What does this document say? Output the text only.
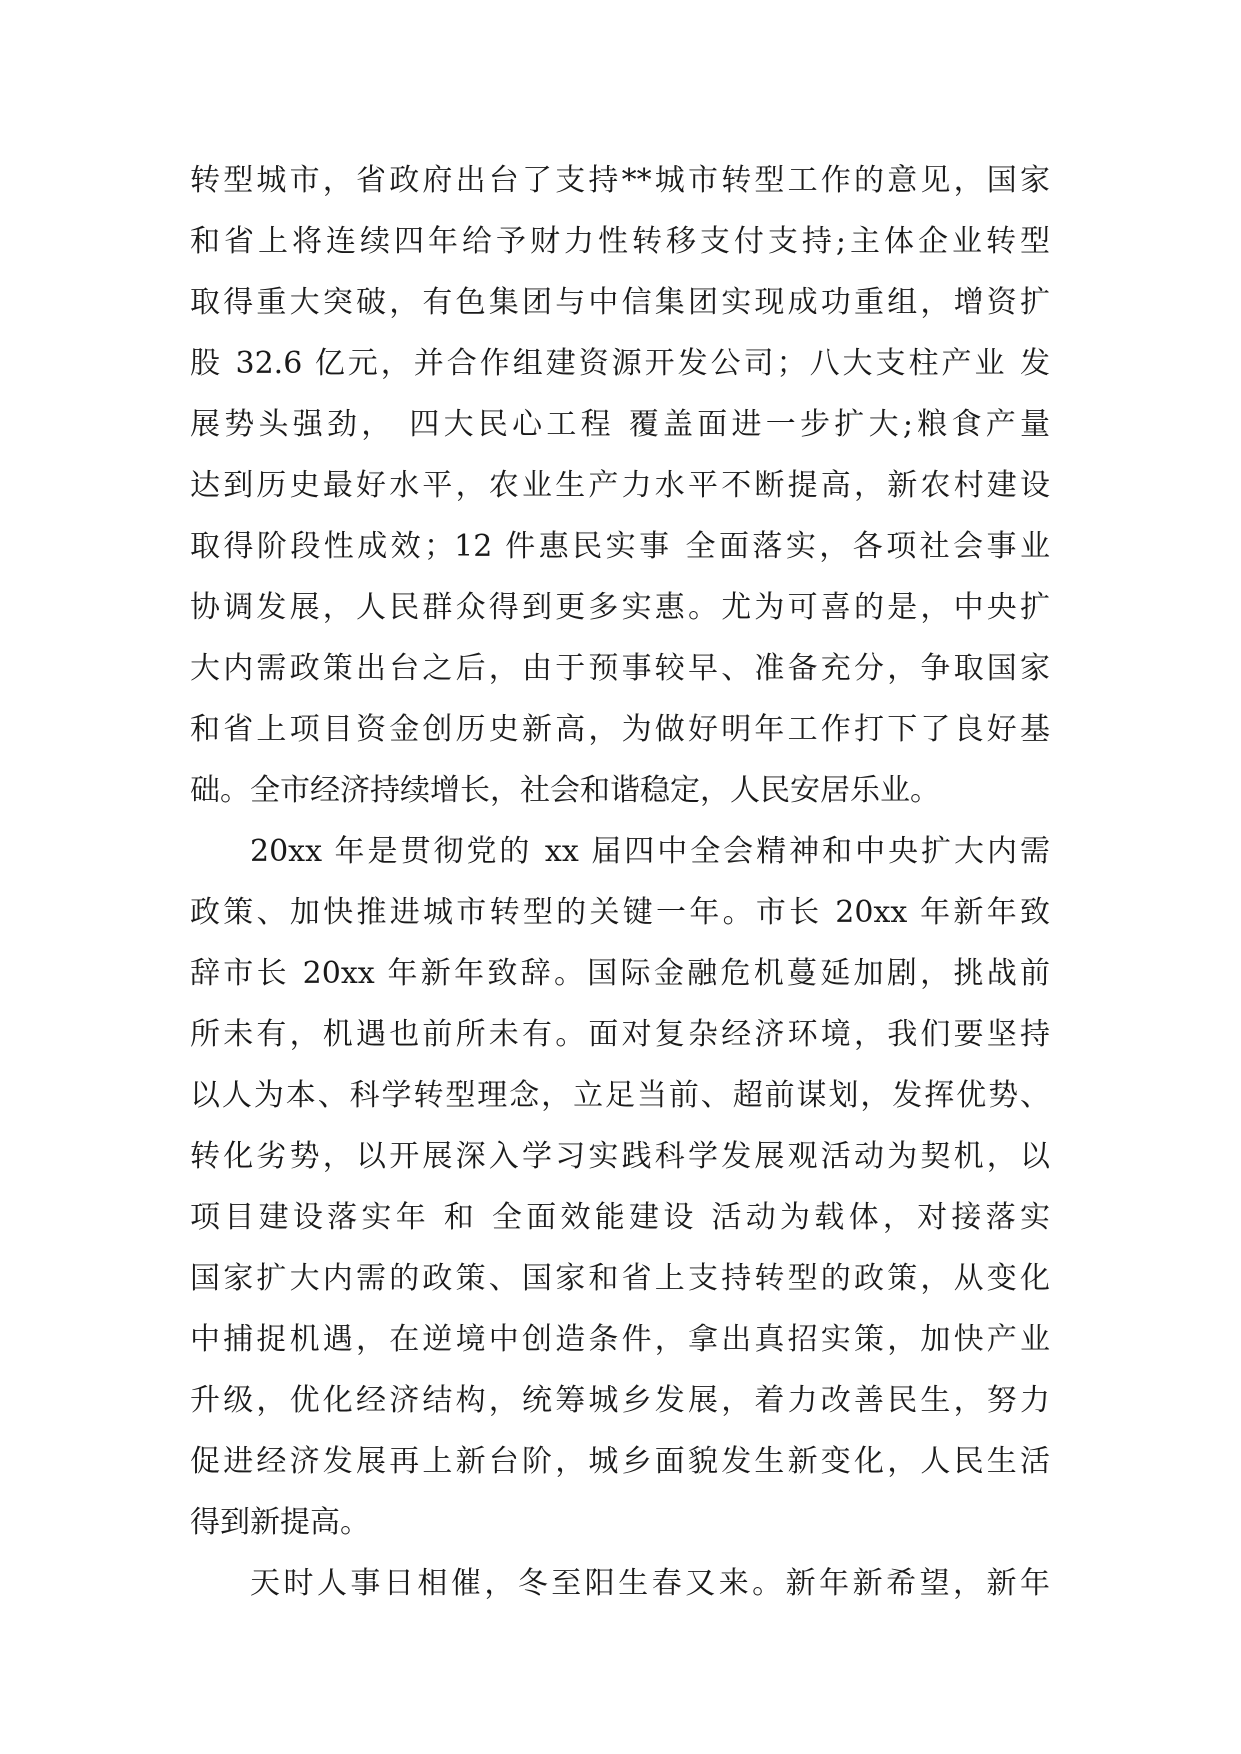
转型城市，省政府出台了支持**城市转型工作的意见，国家
和省上将连续四年给予财力性转移支付支持;主体企业转型
取得重大突破，有色集团与中信集团实现成功重组，增资扩
股 32.6 亿元，并合作组建资源开发公司；八大支柱产业 发
展势头强劲， 四大民心工程 覆盖面进一步扩大;粮食产量
达到历史最好水平，农业生产力水平不断提高，新农村建设
取得阶段性成效；12 件惠民实事 全面落实，各项社会事业
协调发展，人民群众得到更多实惠。尤为可喜的是，中央扩
大内需政策出台之后，由于预事较早、准备充分，争取国家
和省上项目资金创历史新高，为做好明年工作打下了良好基
础。全市经济持续增长，社会和谐稳定，人民安居乐业。
20xx 年是贯彻党的 xx 届四中全会精神和中央扩大内需
政策、加快推进城市转型的关键一年。市长 20xx 年新年致
辞市长 20xx 年新年致辞。国际金融危机蔓延加剧，挑战前
所未有，机遇也前所未有。面对复杂经济环境，我们要坚持
以人为本、科学转型理念，立足当前、超前谋划，发挥优势、
转化劣势，以开展深入学习实践科学发展观活动为契机，以
项目建设落实年 和 全面效能建设 活动为载体，对接落实
国家扩大内需的政策、国家和省上支持转型的政策，从变化
中捕捉机遇，在逆境中创造条件，拿出真招实策，加快产业
升级，优化经济结构，统筹城乡发展，着力改善民生，努力
促进经济发展再上新台阶，城乡面貌发生新变化，人民生活
得到新提高。
天时人事日相催，冬至阳生春又来。新年新希望，新年
